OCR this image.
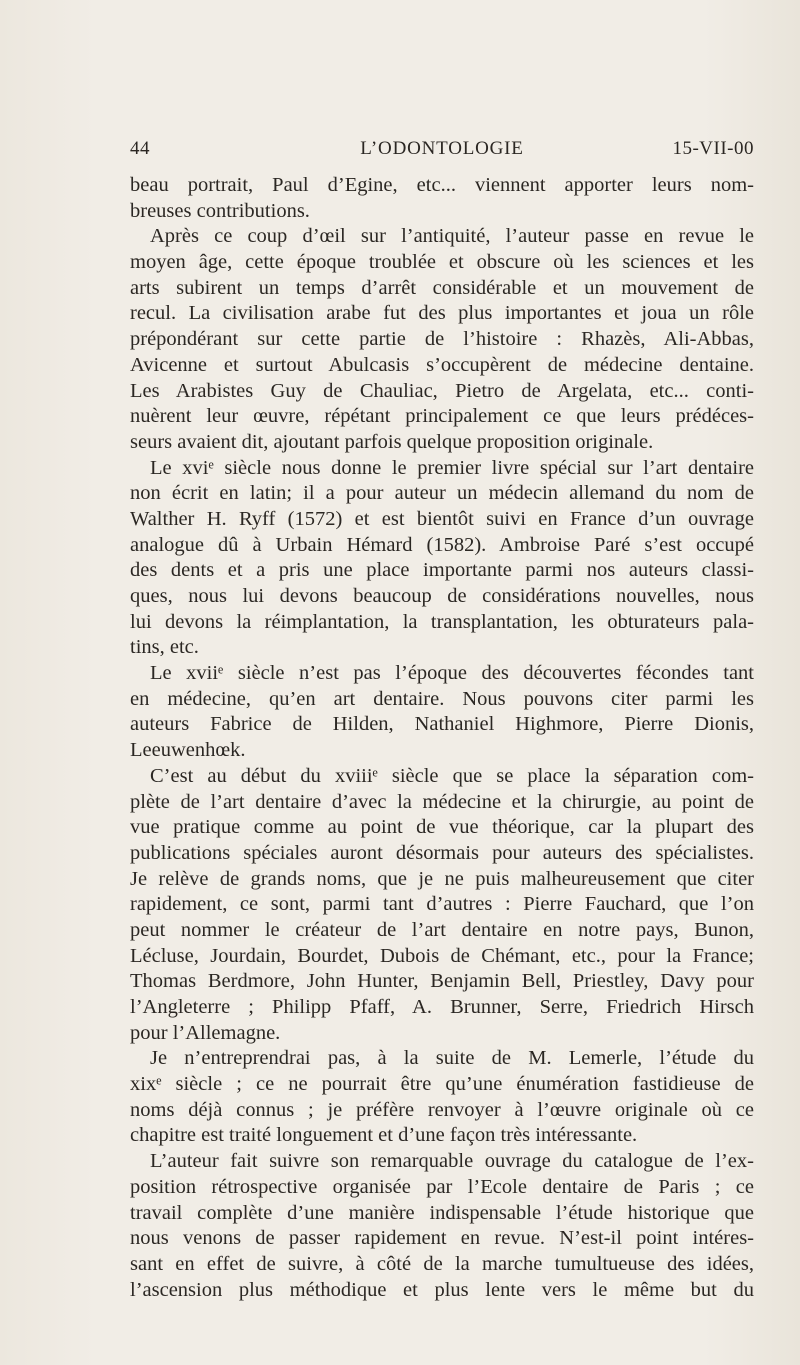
44	L’ODONTOLOGIE	15-VII-00
beau portrait, Paul d’Egine, etc... viennent apporter leurs nom-
breuses contributions.
Après ce coup d’œil sur l’antiquité, l’auteur passe en revue le
moyen âge, cette époque troublée et obscure où les sciences et les
arts subirent un temps d’arrêt considérable et un mouvement de
recul. La civilisation arabe fut des plus importantes et joua un rôle
prépondérant sur cette partie de l’histoire : Rhazès, Ali-Abbas,
Avicenne et surtout Abulcasis s’occupèrent de médecine dentaine.
Les Arabistes Guy de Chauliac, Pietro de Argelata, etc... conti-
nuèrent leur œuvre, répétant principalement ce que leurs prédéces-
seurs avaient dit, ajoutant parfois quelque proposition originale.
Le xviᵉ siècle nous donne le premier livre spécial sur l’art dentaire
non écrit en latin; il a pour auteur un médecin allemand du nom de
Walther H. Ryff (1572) et est bientôt suivi en France d’un ouvrage
analogue dû à Urbain Hémard (1582). Ambroise Paré s’est occupé
des dents et a pris une place importante parmi nos auteurs classi-
ques, nous lui devons beaucoup de considérations nouvelles, nous
lui devons la réimplantation, la transplantation, les obturateurs pala-
tins, etc.
Le xviiᵉ siècle n’est pas l’époque des découvertes fécondes tant
en médecine, qu’en art dentaire. Nous pouvons citer parmi les
auteurs Fabrice de Hilden, Nathaniel Highmore, Pierre Dionis,
Leeuwenhœk.
C’est au début du xviiiᵉ siècle que se place la séparation com-
plète de l’art dentaire d’avec la médecine et la chirurgie, au point de
vue pratique comme au point de vue théorique, car la plupart des
publications spéciales auront désormais pour auteurs des spécialistes.
Je relève de grands noms, que je ne puis malheureusement que citer
rapidement, ce sont, parmi tant d’autres : Pierre Fauchard, que l’on
peut nommer le créateur de l’art dentaire en notre pays, Bunon,
Lécluse, Jourdain, Bourdet, Dubois de Chémant, etc., pour la France;
Thomas Berdmore, John Hunter, Benjamin Bell, Priestley, Davy pour
l’Angleterre ; Philipp Pfaff, A. Brunner, Serre, Friedrich Hirsch
pour l’Allemagne.
Je n’entreprendrai pas, à la suite de M. Lemerle, l’étude du
xixᵉ siècle ; ce ne pourrait être qu’une énumération fastidieuse de
noms déjà connus ; je préfère renvoyer à l’œuvre originale où ce
chapitre est traité longuement et d’une façon très intéressante.
L’auteur fait suivre son remarquable ouvrage du catalogue de l’ex-
position rétrospective organisée par l’Ecole dentaire de Paris ; ce
travail complète d’une manière indispensable l’étude historique que
nous venons de passer rapidement en revue. N’est-il point intéres-
sant en effet de suivre, à côté de la marche tumultueuse des idées,
l’ascension plus méthodique et plus lente vers le même but du
